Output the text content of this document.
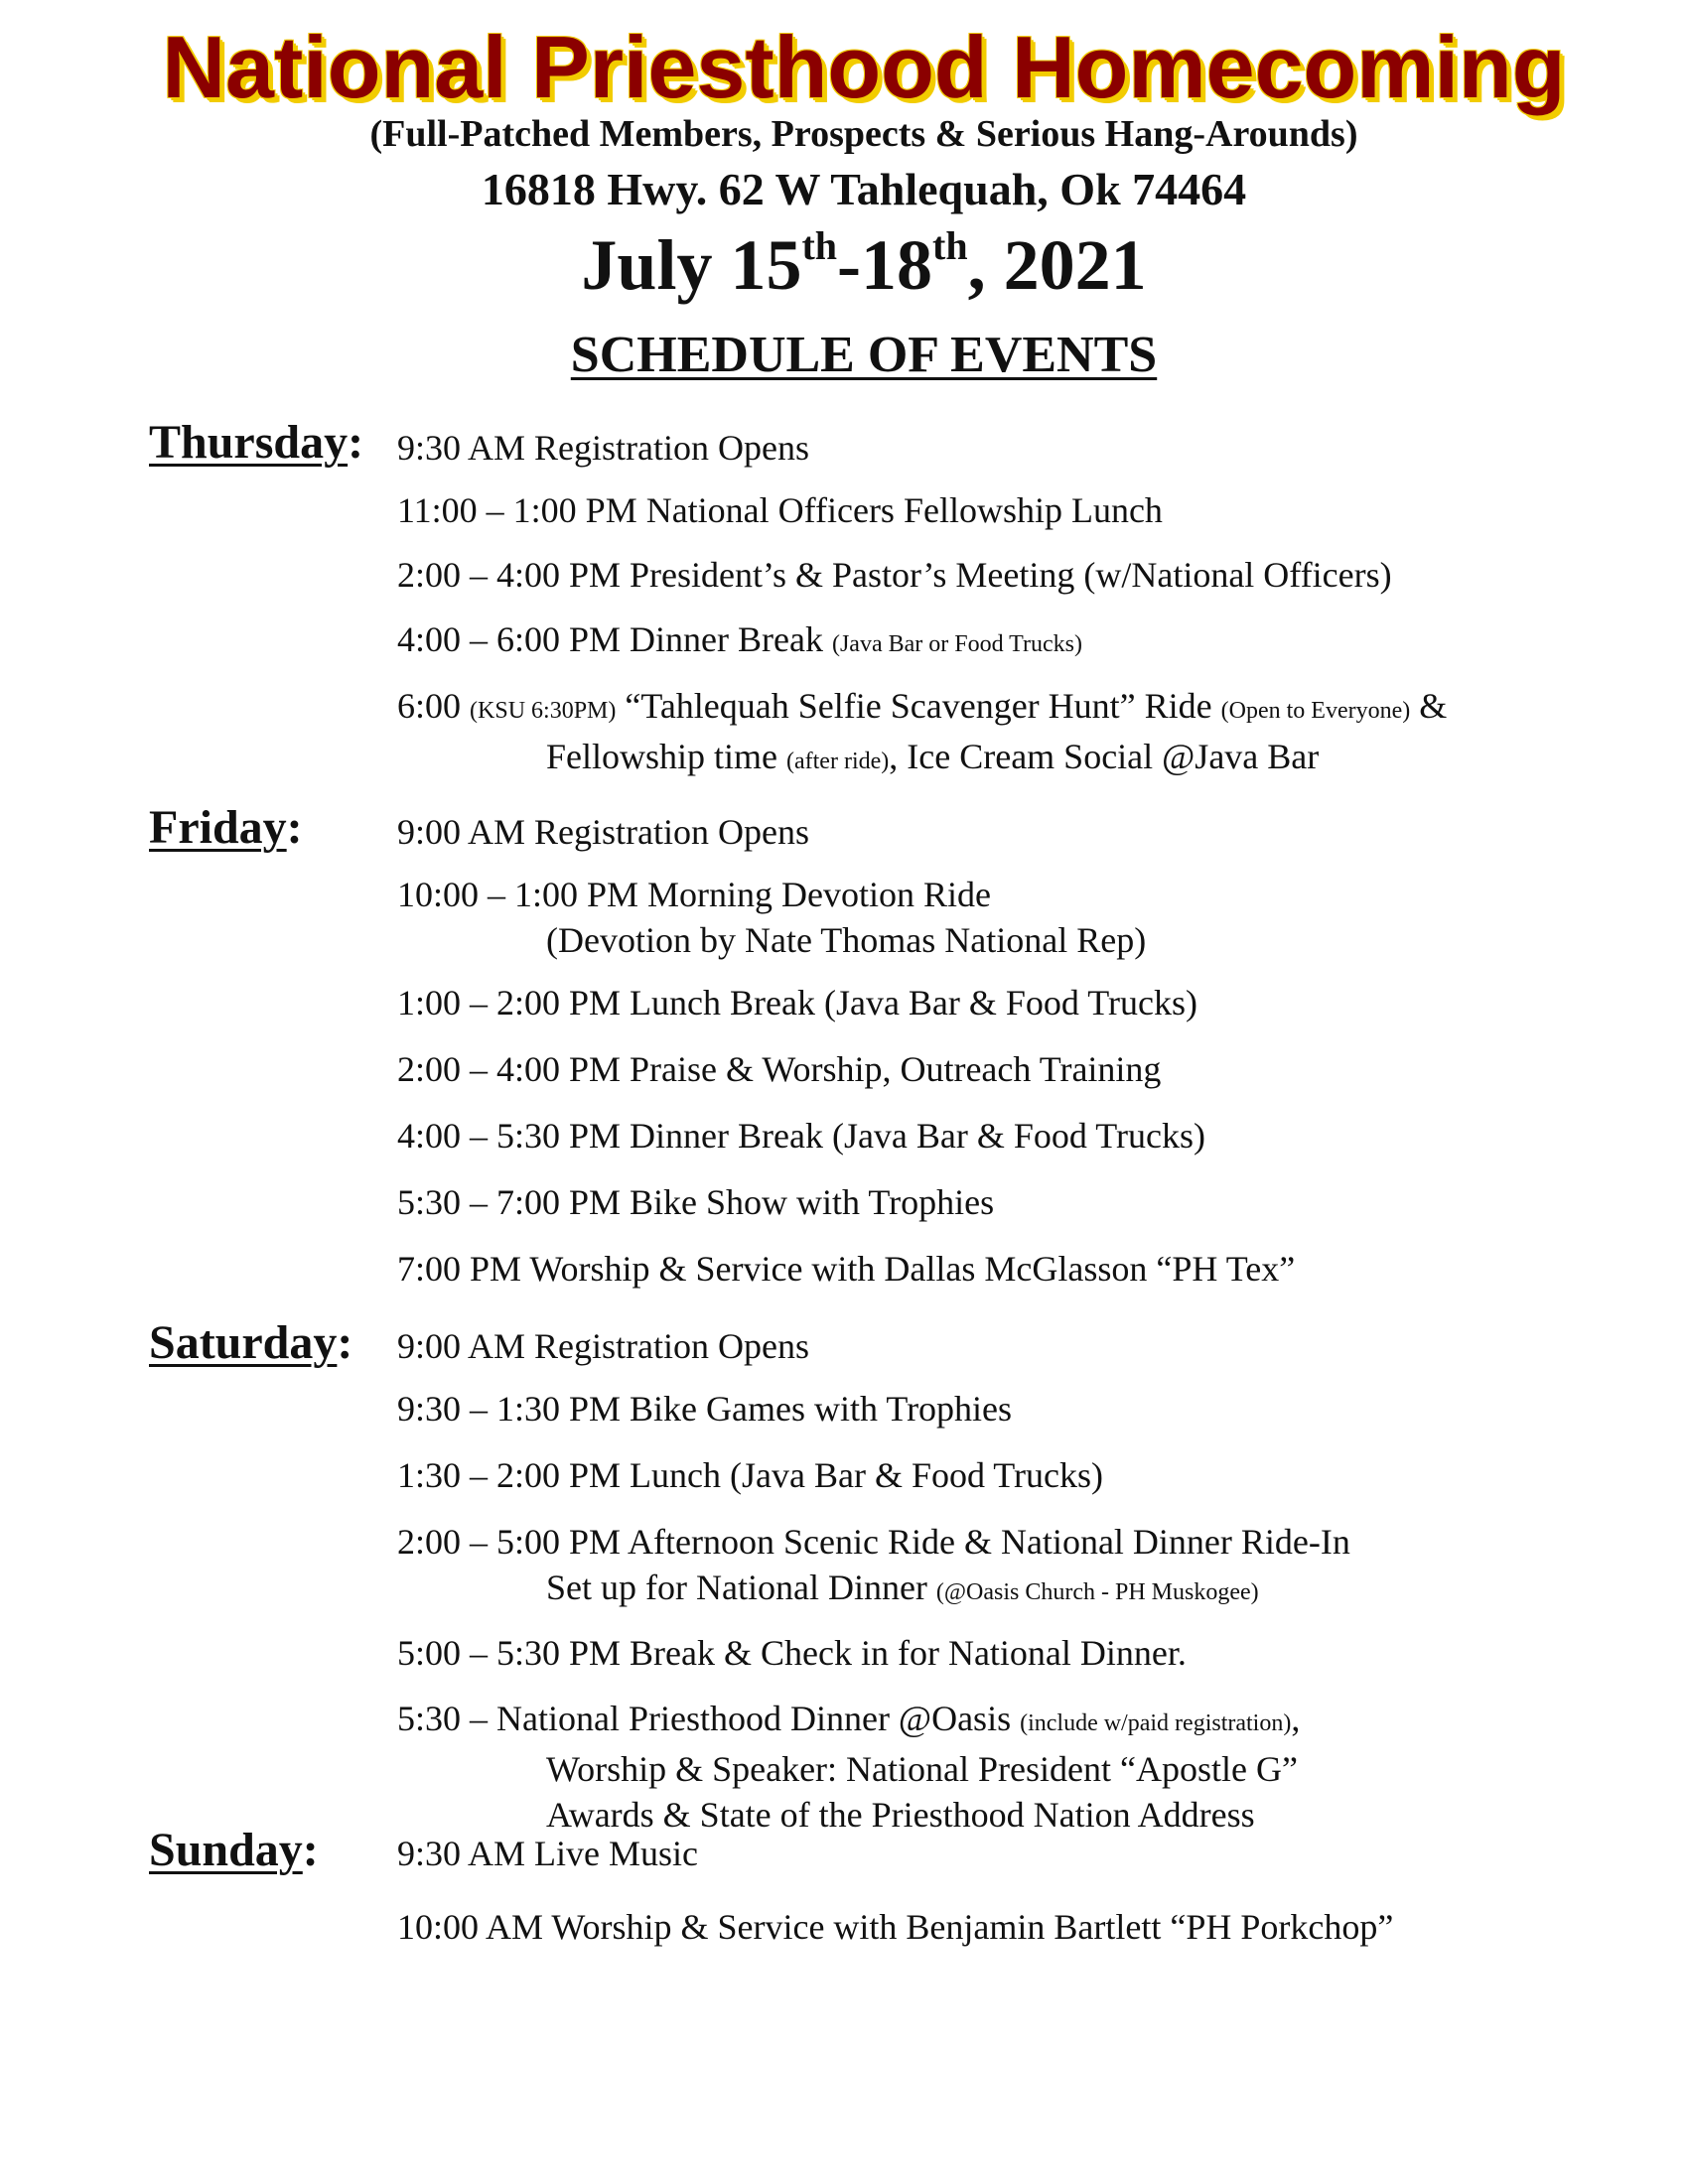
National Priesthood Homecoming
(Full-Patched Members, Prospects & Serious Hang-Arounds)
16818 Hwy. 62 W Tahlequah, Ok 74464
July 15th-18th, 2021
SCHEDULE OF EVENTS
Thursday: 9:30 AM Registration Opens
11:00 – 1:00 PM National Officers Fellowship Lunch
2:00 – 4:00 PM President’s & Pastor’s Meeting (w/National Officers)
4:00 – 6:00 PM Dinner Break (Java Bar or Food Trucks)
6:00 (KSU 6:30PM) “Tahlequah Selfie Scavenger Hunt” Ride (Open to Everyone) &
Fellowship time (after ride), Ice Cream Social @Java Bar
Friday:	9:00 AM Registration Opens
10:00 – 1:00 PM Morning Devotion Ride
(Devotion by Nate Thomas National Rep)
1:00 – 2:00 PM Lunch Break (Java Bar & Food Trucks)
2:00 – 4:00 PM Praise & Worship, Outreach Training
4:00 – 5:30 PM Dinner Break (Java Bar & Food Trucks)
5:30 – 7:00 PM Bike Show with Trophies
7:00 PM Worship & Service with Dallas McGlasson “PH Tex”
Saturday: 9:00 AM Registration Opens
9:30 – 1:30 PM Bike Games with Trophies
1:30 – 2:00 PM Lunch (Java Bar & Food Trucks)
2:00 – 5:00 PM Afternoon Scenic Ride & National Dinner Ride-In
Set up for National Dinner (@Oasis Church - PH Muskogee)
5:00 – 5:30 PM Break & Check in for National Dinner.
5:30 – National Priesthood Dinner @Oasis (include w/paid registration),
Worship & Speaker: National President “Apostle G”
Awards & State of the Priesthood Nation Address
Sunday: 9:30 AM Live Music
10:00 AM Worship & Service with Benjamin Bartlett “PH Porkchop”
